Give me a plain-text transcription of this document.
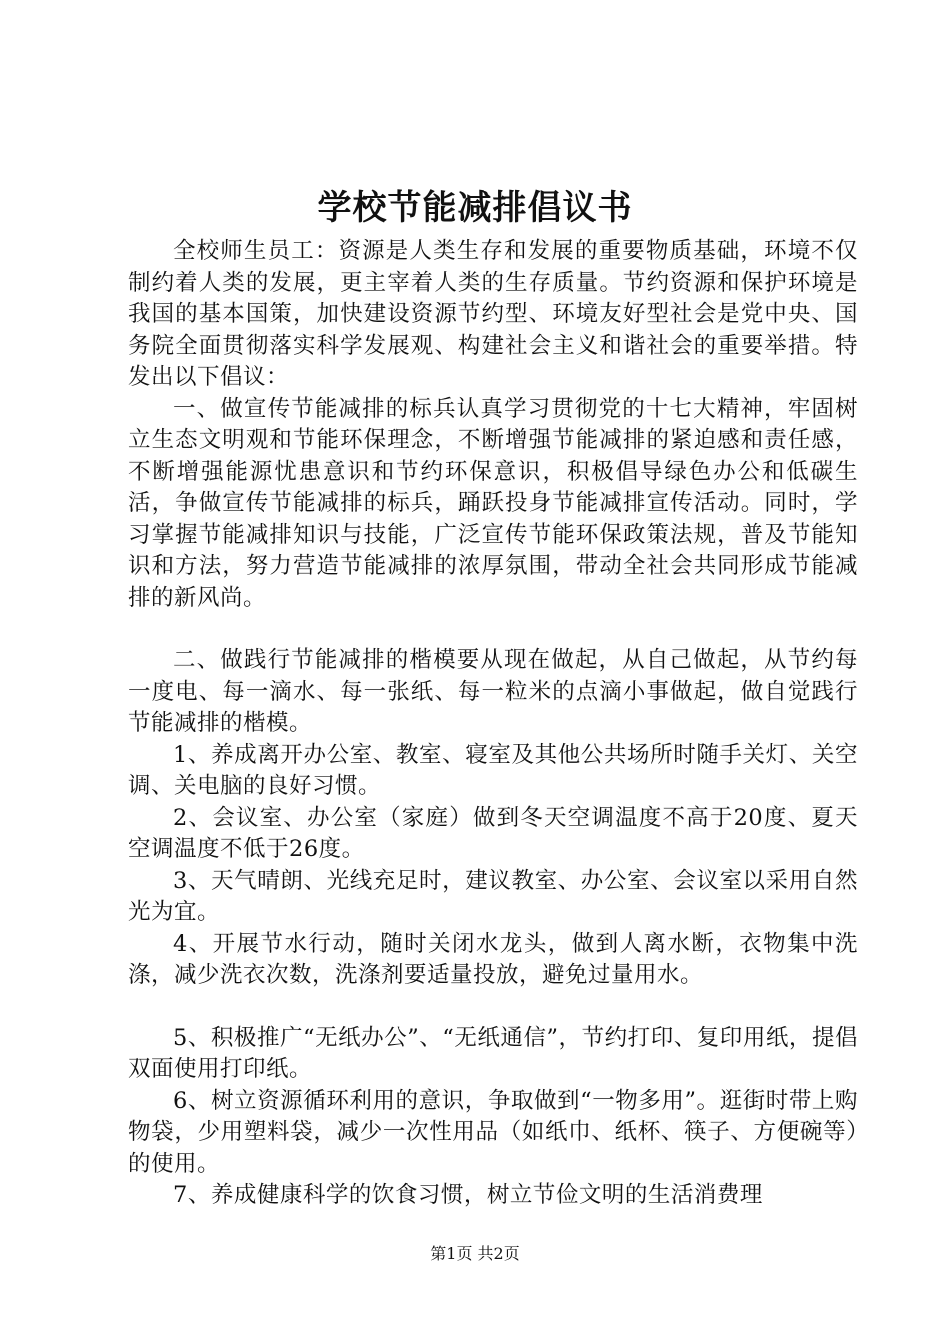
学校节能减排倡议书

全校师生员工：资源是人类生存和发展的重要物质基础，环境不仅制约着人类的发展，更主宰着人类的生存质量。节约资源和保护环境是我国的基本国策，加快建设资源节约型、环境友好型社会是党中央、国务院全面贯彻落实科学发展观、构建社会主义和谐社会的重要举措。特发出以下倡议：

一、做宣传节能减排的标兵认真学习贯彻党的十七大精神，牢固树立生态文明观和节能环保理念，不断增强节能减排的紧迫感和责任感，不断增强能源忧患意识和节约环保意识，积极倡导绿色办公和低碳生活，争做宣传节能减排的标兵，踊跃投身节能减排宣传活动。同时，学习掌握节能减排知识与技能，广泛宣传节能环保政策法规，普及节能知识和方法，努力营造节能减排的浓厚氛围，带动全社会共同形成节能减排的新风尚。

二、做践行节能减排的楷模要从现在做起，从自己做起，从节约每一度电、每一滴水、每一张纸、每一粒米的点滴小事做起，做自觉践行节能减排的楷模。

1、养成离开办公室、教室、寝室及其他公共场所时随手关灯、关空调、关电脑的良好习惯。

2、会议室、办公室（家庭）做到冬天空调温度不高于20度、夏天空调温度不低于26度。

3、天气晴朗、光线充足时，建议教室、办公室、会议室以采用自然光为宜。

4、开展节水行动，随时关闭水龙头，做到人离水断，衣物集中洗涤，减少洗衣次数，洗涤剂要适量投放，避免过量用水。

5、积极推广“无纸办公”、“无纸通信”，节约打印、复印用纸，提倡双面使用打印纸。

6、树立资源循环利用的意识，争取做到“一物多用”。逛街时带上购物袋，少用塑料袋，减少一次性用品（如纸巾、纸杯、筷子、方便碗等）的使用。

7、养成健康科学的饮食习惯，树立节俭文明的生活消费理

第1页 共2页
